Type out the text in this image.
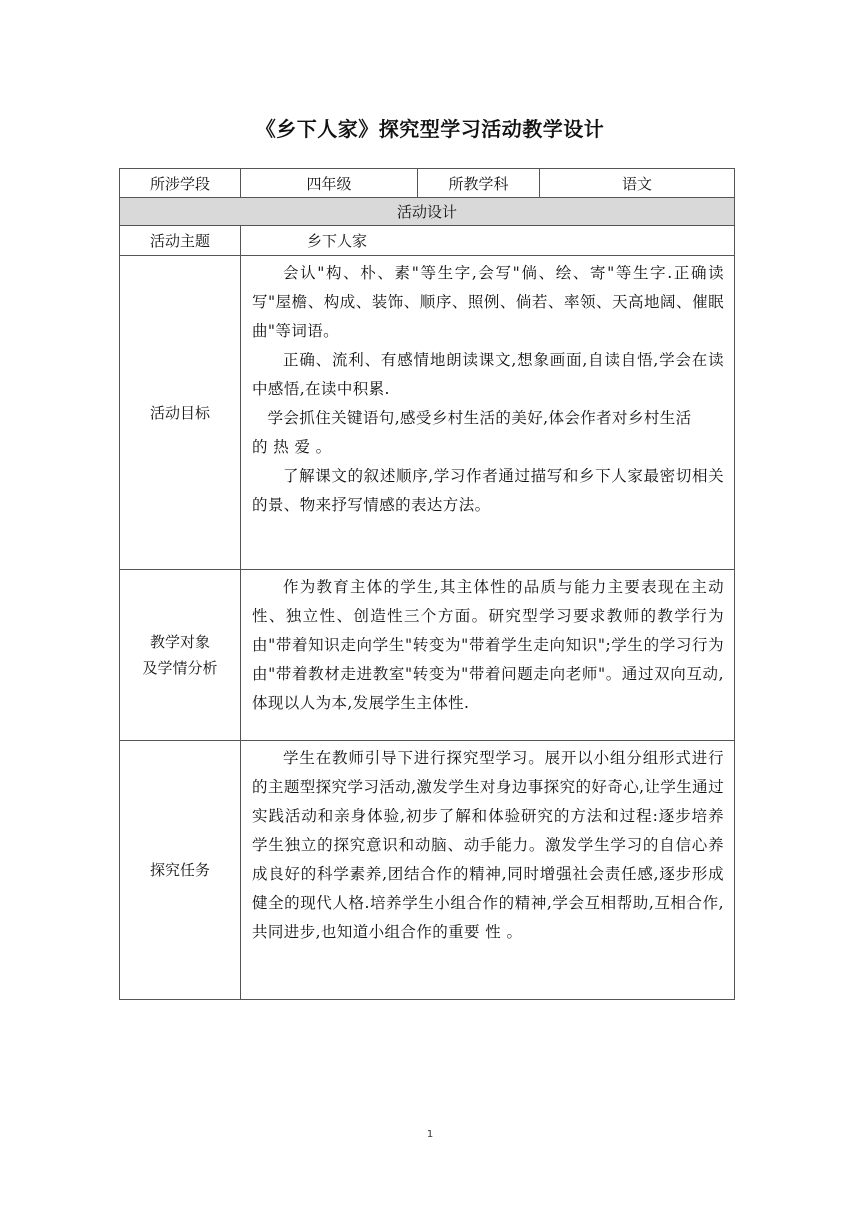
《乡下人家》探究型学习活动教学设计
所涉学段	四年级	所教学科	语文
活动设计			
活动主题	乡下人家		
活动目标	会认"构、朴、素"等生字,会写"倘、绘、寄"等生字.正确读写"屋檐、构成、装饰、顺序、照例、倘若、率领、天高地阔、催眠曲"等词语。

正确、流利、有感情地朗读课文,想象画面,自读自悟,学会在读中感悟,在读中积累.

学会抓住关键语句,感受乡村生活的美好,体会作者对乡村生活

的 热 爱 。

了解课文的叙述顺序,学习作者通过描写和乡下人家最密切相关的景、物来抒写情感的表达方法。		

教学对象
及学情分析	作为教育主体的学生,其主体性的品质与能力主要表现在主动性、独立性、创造性三个方面。研究型学习要求教师的教学行为由"带着知识走向学生"转变为"带着学生走向知识";学生的学习行为由"带着教材走进教室"转变为"带着问题走向老师"。通过双向互动,体现以人为本,发展学生主体性.		

探究任务	学生在教师引导下进行探究型学习。展开以小组分组形式进行的主题型探究学习活动,激发学生对身边事探究的好奇心,让学生通过实践活动和亲身体验,初步了解和体验研究的方法和过程:逐步培养学生独立的探究意识和动脑、动手能力。激发学生学习的自信心养成良好的科学素养,团结合作的精神,同时增强社会责任感,逐步形成健全的现代人格.培养学生小组合作的精神,学会互相帮助,互相合作,共同进步,也知道小组合作的重要 性 。		

1
